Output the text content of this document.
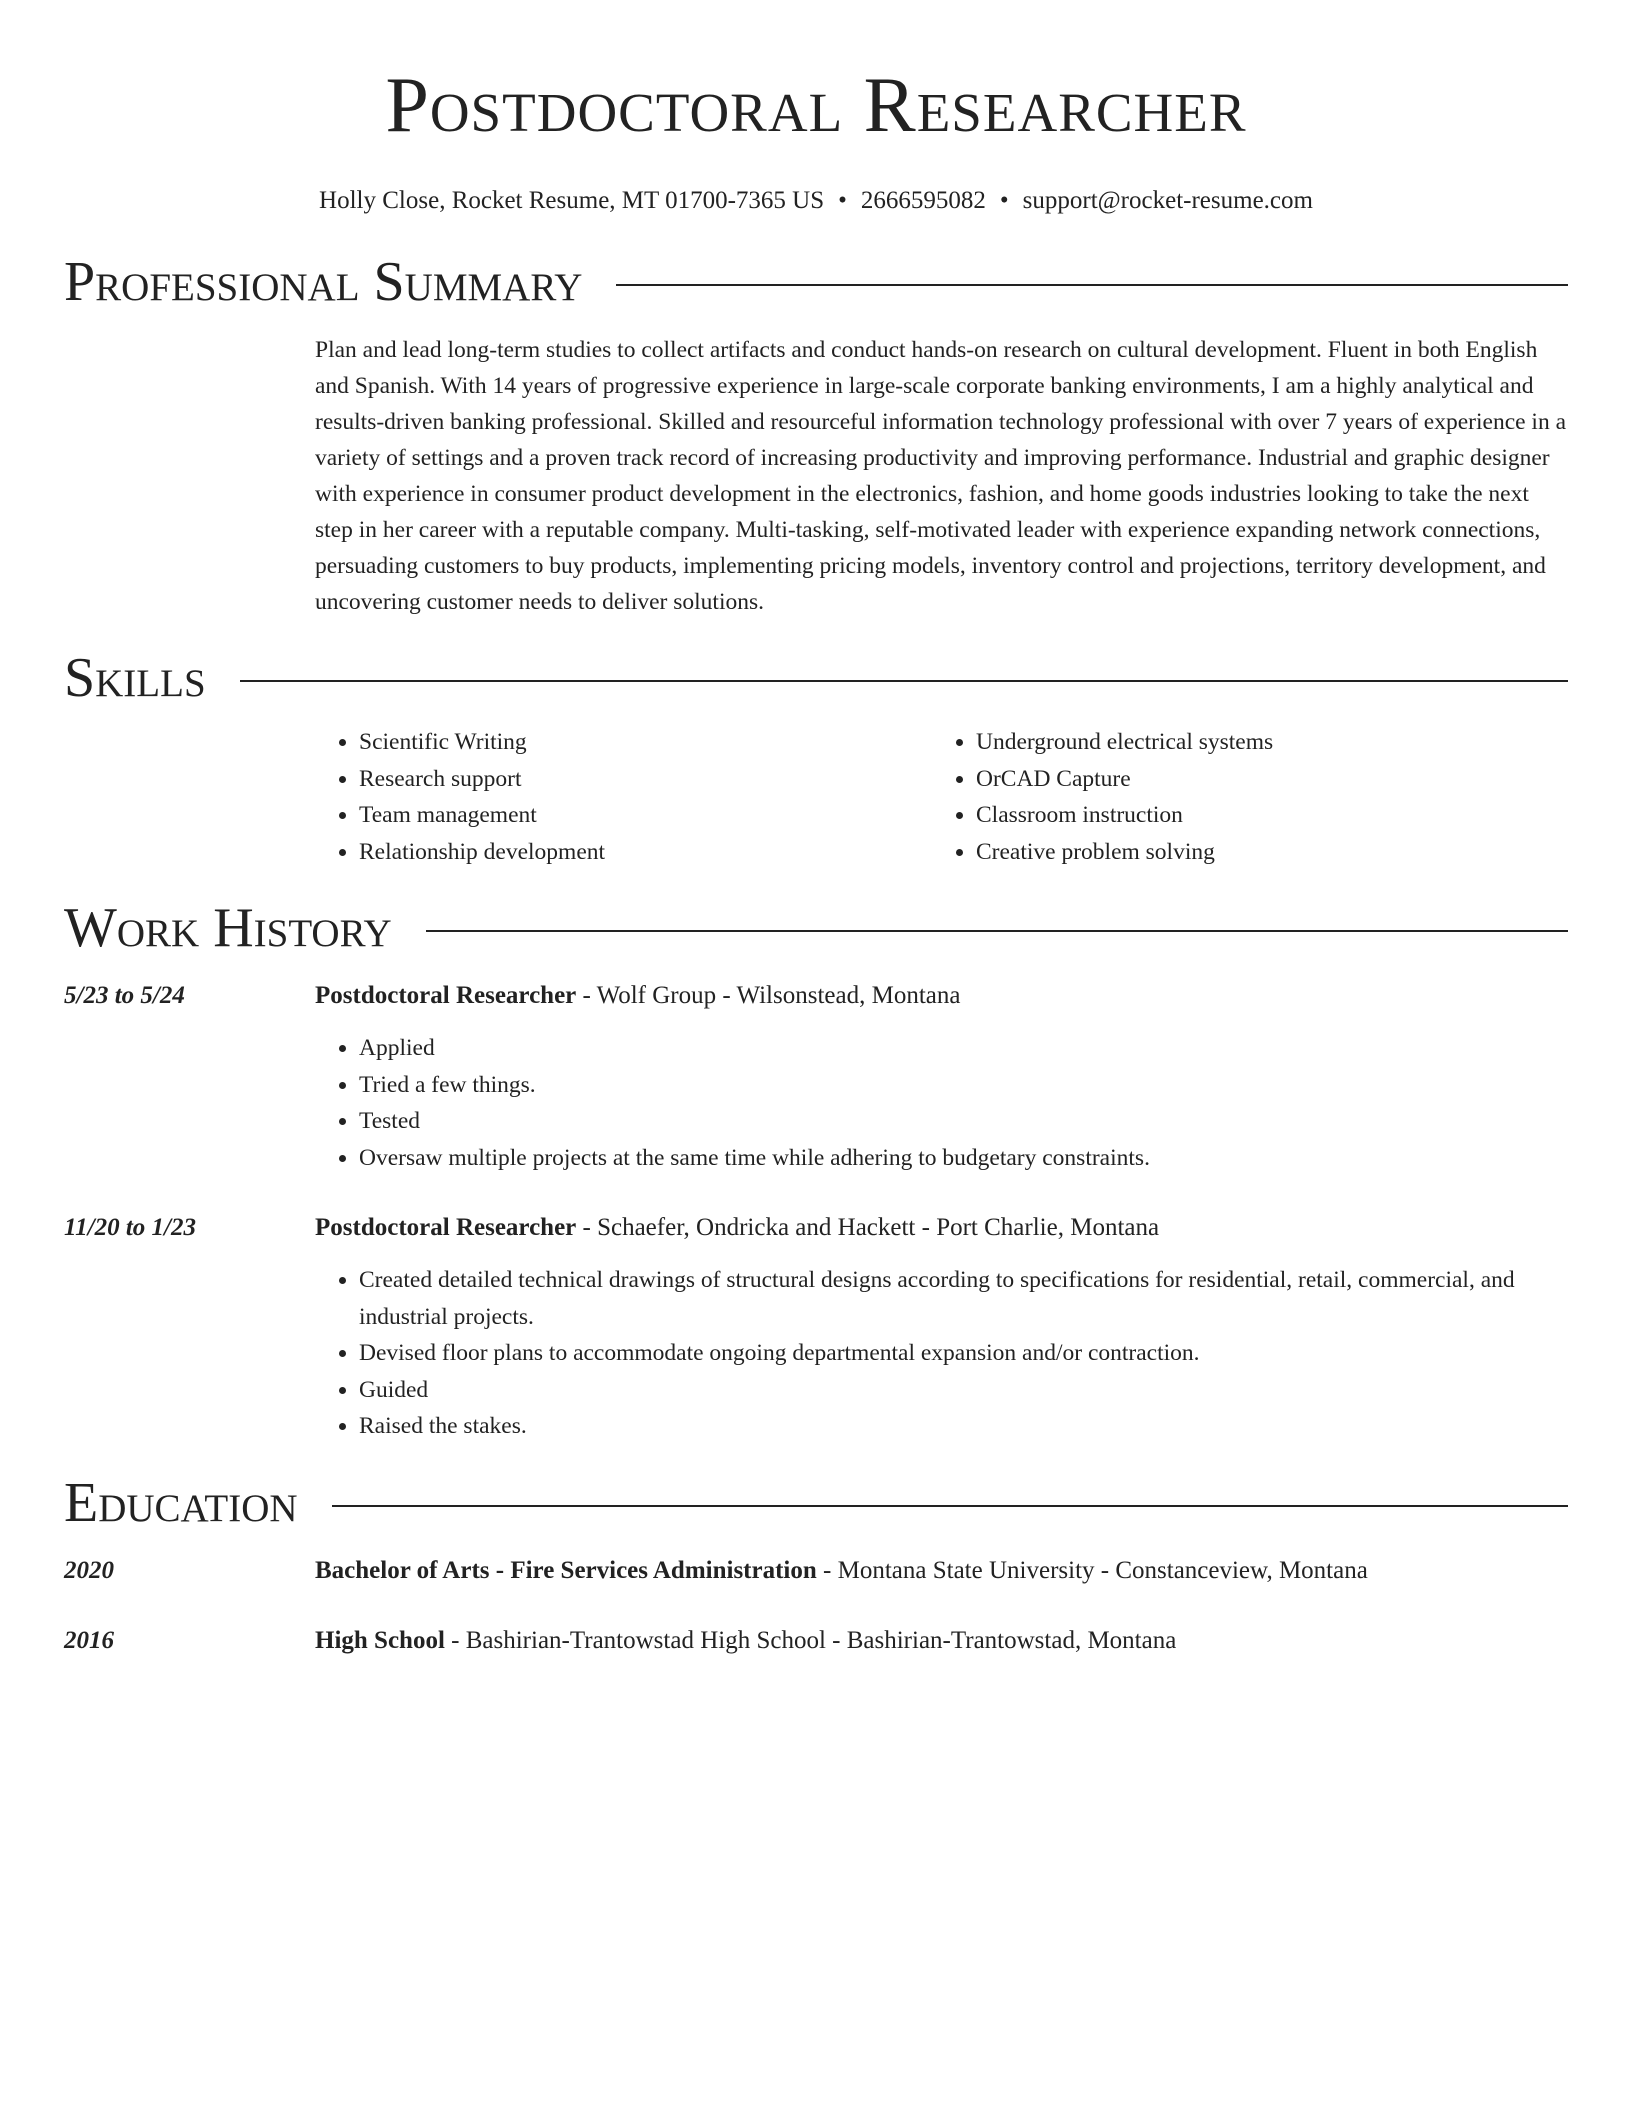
Postdoctoral Researcher
Holly Close, Rocket Resume, MT 01700-7365 US • 2666595082 • support@rocket-resume.com
Professional Summary
Plan and lead long-term studies to collect artifacts and conduct hands-on research on cultural development. Fluent in both English and Spanish. With 14 years of progressive experience in large-scale corporate banking environments, I am a highly analytical and results-driven banking professional. Skilled and resourceful information technology professional with over 7 years of experience in a variety of settings and a proven track record of increasing productivity and improving performance. Industrial and graphic designer with experience in consumer product development in the electronics, fashion, and home goods industries looking to take the next step in her career with a reputable company. Multi-tasking, self-motivated leader with experience expanding network connections, persuading customers to buy products, implementing pricing models, inventory control and projections, territory development, and uncovering customer needs to deliver solutions.
Skills
• Scientific Writing
• Research support
• Team management
• Relationship development
• Underground electrical systems
• OrCAD Capture
• Classroom instruction
• Creative problem solving
Work History
5/23 to 5/24	Postdoctoral Researcher - Wolf Group - Wilsonstead, Montana
• Applied
• Tried a few things.
• Tested
• Oversaw multiple projects at the same time while adhering to budgetary constraints.
11/20 to 1/23	Postdoctoral Researcher - Schaefer, Ondricka and Hackett - Port Charlie, Montana
• Created detailed technical drawings of structural designs according to specifications for residential, retail, commercial, and industrial projects.
• Devised floor plans to accommodate ongoing departmental expansion and/or contraction.
• Guided
• Raised the stakes.
Education
2020	Bachelor of Arts - Fire Services Administration - Montana State University - Constanceview, Montana
2016	High School - Bashirian-Trantowstad High School - Bashirian-Trantowstad, Montana
